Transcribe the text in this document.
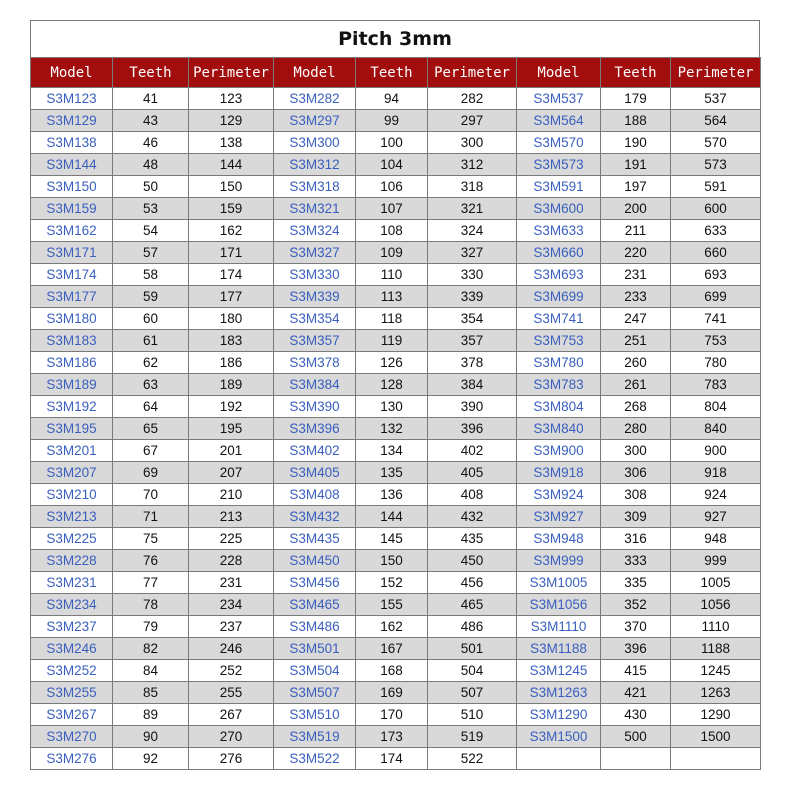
Pitch 3mm
Model	Teeth	Perimeter	Model	Teeth	Perimeter	Model	Teeth	Perimeter
S3M123	41	123	S3M282	94	282	S3M537	179	537
S3M129	43	129	S3M297	99	297	S3M564	188	564
S3M138	46	138	S3M300	100	300	S3M570	190	570
S3M144	48	144	S3M312	104	312	S3M573	191	573
S3M150	50	150	S3M318	106	318	S3M591	197	591
S3M159	53	159	S3M321	107	321	S3M600	200	600
S3M162	54	162	S3M324	108	324	S3M633	211	633
S3M171	57	171	S3M327	109	327	S3M660	220	660
S3M174	58	174	S3M330	110	330	S3M693	231	693
S3M177	59	177	S3M339	113	339	S3M699	233	699
S3M180	60	180	S3M354	118	354	S3M741	247	741
S3M183	61	183	S3M357	119	357	S3M753	251	753
S3M186	62	186	S3M378	126	378	S3M780	260	780
S3M189	63	189	S3M384	128	384	S3M783	261	783
S3M192	64	192	S3M390	130	390	S3M804	268	804
S3M195	65	195	S3M396	132	396	S3M840	280	840
S3M201	67	201	S3M402	134	402	S3M900	300	900
S3M207	69	207	S3M405	135	405	S3M918	306	918
S3M210	70	210	S3M408	136	408	S3M924	308	924
S3M213	71	213	S3M432	144	432	S3M927	309	927
S3M225	75	225	S3M435	145	435	S3M948	316	948
S3M228	76	228	S3M450	150	450	S3M999	333	999
S3M231	77	231	S3M456	152	456	S3M1005	335	1005
S3M234	78	234	S3M465	155	465	S3M1056	352	1056
S3M237	79	237	S3M486	162	486	S3M1110	370	1110
S3M246	82	246	S3M501	167	501	S3M1188	396	1188
S3M252	84	252	S3M504	168	504	S3M1245	415	1245
S3M255	85	255	S3M507	169	507	S3M1263	421	1263
S3M267	89	267	S3M510	170	510	S3M1290	430	1290
S3M270	90	270	S3M519	173	519	S3M1500	500	1500
S3M276	92	276	S3M522	174	522			
